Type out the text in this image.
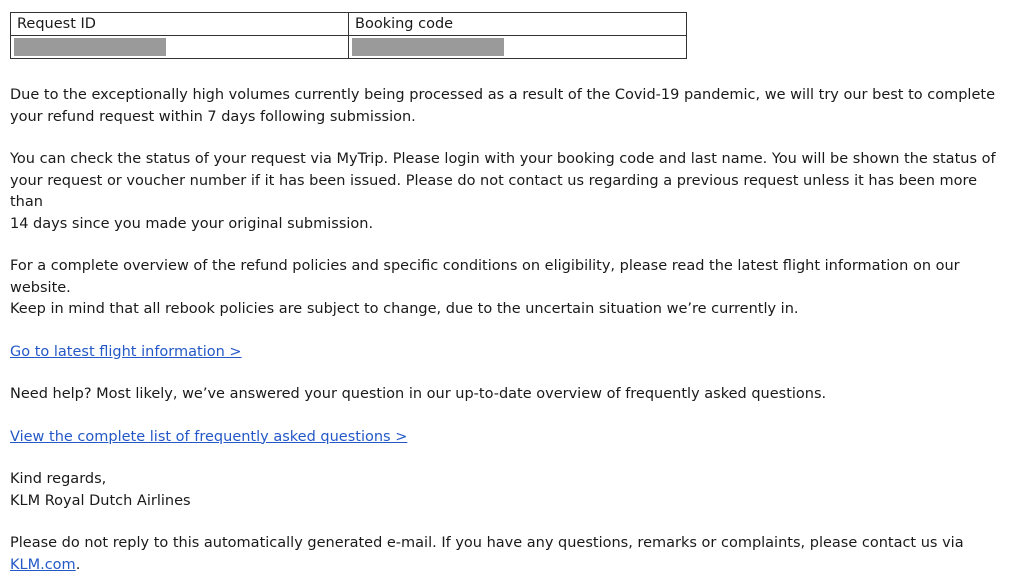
Request ID	Booking code

Due to the exceptionally high volumes currently being processed as a result of the Covid-19 pandemic, we will try our best to complete
your refund request within 7 days following submission.

You can check the status of your request via MyTrip. Please login with your booking code and last name. You will be shown the status of
your request or voucher number if it has been issued. Please do not contact us regarding a previous request unless it has been more than
14 days since you made your original submission.

For a complete overview of the refund policies and specific conditions on eligibility, please read the latest flight information on our website.
Keep in mind that all rebook policies are subject to change, due to the uncertain situation we’re currently in.

Go to latest flight information >

Need help? Most likely, we’ve answered your question in our up-to-date overview of frequently asked questions.

View the complete list of frequently asked questions >

Kind regards,
KLM Royal Dutch Airlines

Please do not reply to this automatically generated e-mail. If you have any questions, remarks or complaints, please contact us via
KLM.com.
